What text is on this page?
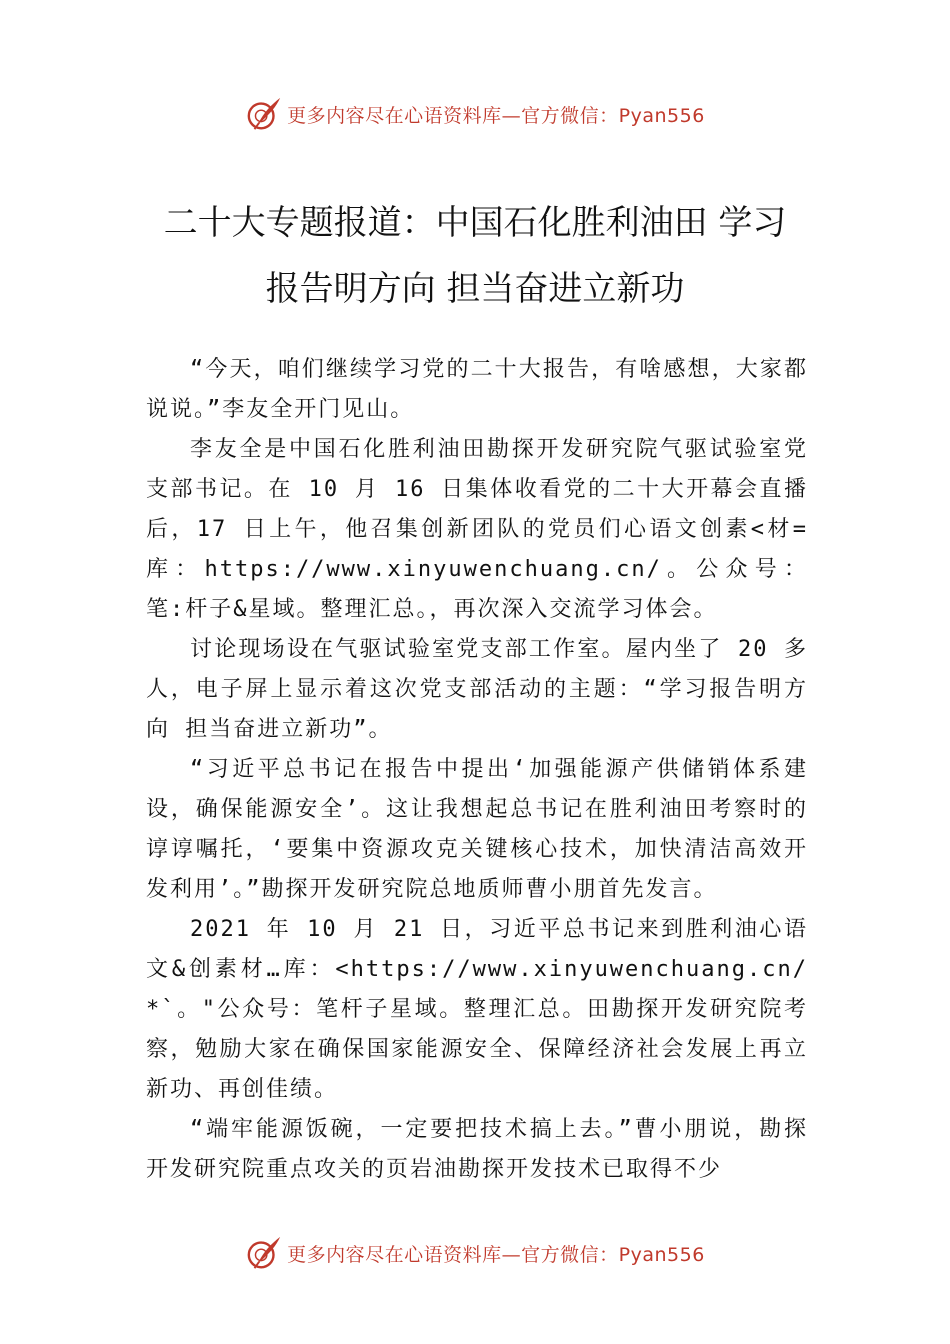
更多内容尽在心语资料库—官方微信：Pyan556
二十大专题报道：中国石化胜利油田 学习
报告明方向 担当奋进立新功

“今天，咱们继续学习党的二十大报告，有啥感想，大家都说说。”李友全开门见山。

李友全是中国石化胜利油田勘探开发研究院气驱试验室党支部书记。在 10 月 16 日集体收看党的二十大开幕会直播后，17 日上午，他召集创新团队的党员们心语文创素<材=库：https://www.xinyuwenchuang.cn/。公众号：笔:杆子&星域。整理汇总。，再次深入交流学习体会。

讨论现场设在气驱试验室党支部工作室。屋内坐了 20 多人，电子屏上显示着这次党支部活动的主题：“学习报告明方向 担当奋进立新功”。

“习近平总书记在报告中提出‘加强能源产供储销体系建设，确保能源安全’。这让我想起总书记在胜利油田考察时的谆谆嘱托，‘要集中资源攻克关键核心技术，加快清洁高效开发利用’。”勘探开发研究院总地质师曹小朋首先发言。

2021 年 10 月 21 日，习近平总书记来到胜利油心语文&创素材…库：<https://www.xinyuwenchuang.cn/*`。"公众号：笔杆子星域。整理汇总。田勘探开发研究院考察，勉励大家在确保国家能源安全、保障经济社会发展上再立新功、再创佳绩。

“端牢能源饭碗，一定要把技术搞上去。”曹小朋说，勘探开发研究院重点攻关的页岩油勘探开发技术已取得不少

更多内容尽在心语资料库—官方微信：Pyan556
